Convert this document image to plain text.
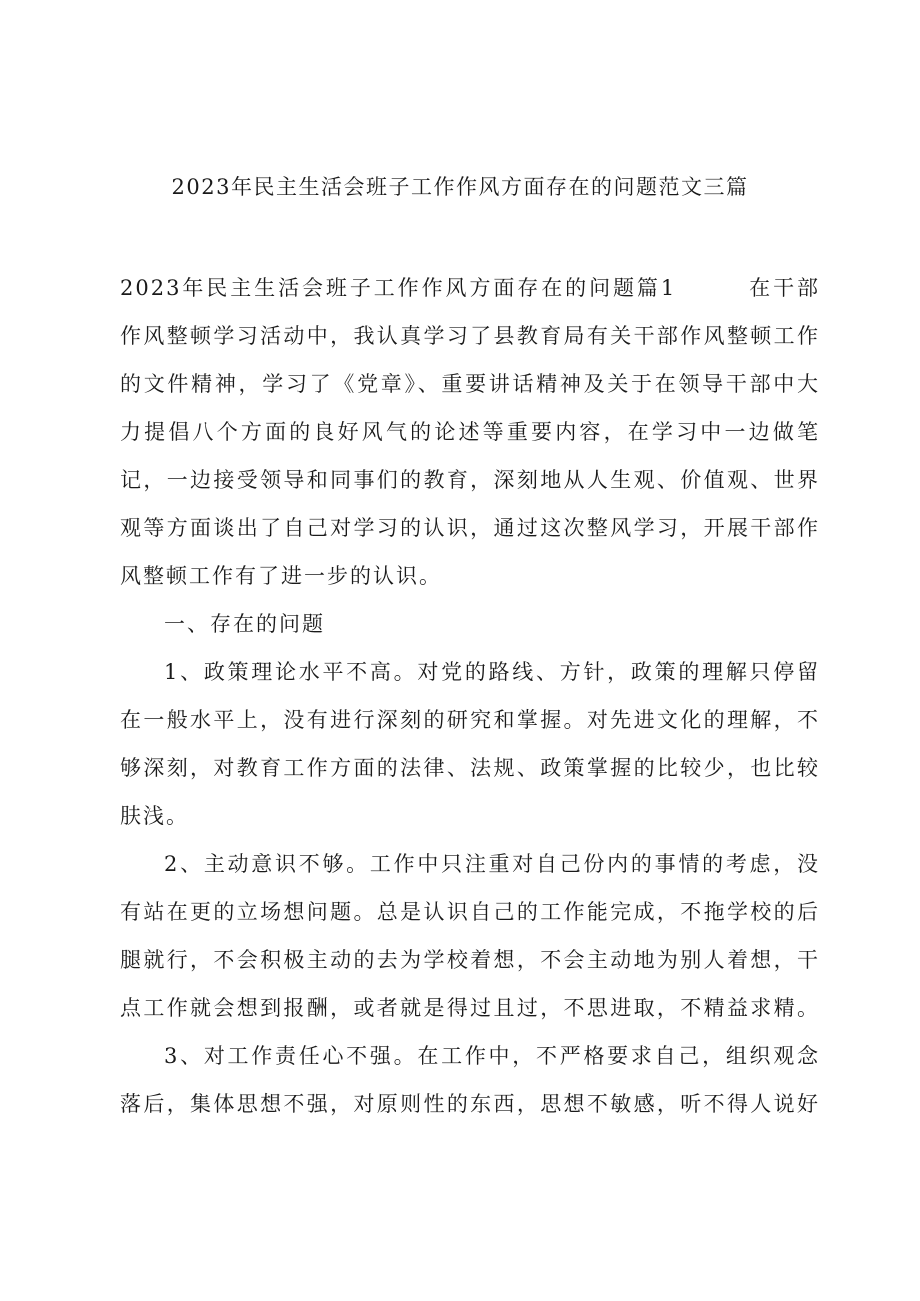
2023年民主生活会班子工作作风方面存在的问题范文三篇
2023年民主生活会班子工作作风方面存在的问题篇1	在干部
作风整顿学习活动中，我认真学习了县教育局有关干部作风整顿工作
的文件精神，学习了《党章》、重要讲话精神及关于在领导干部中大
力提倡八个方面的良好风气的论述等重要内容，在学习中一边做笔
记，一边接受领导和同事们的教育，深刻地从人生观、价值观、世界
观等方面谈出了自己对学习的认识，通过这次整风学习，开展干部作
风整顿工作有了进一步的认识。
一、存在的问题
1、政策理论水平不高。对党的路线、方针，政策的理解只停留
在一般水平上，没有进行深刻的研究和掌握。对先进文化的理解，不
够深刻，对教育工作方面的法律、法规、政策掌握的比较少，也比较
肤浅。
2、主动意识不够。工作中只注重对自己份内的事情的考虑，没
有站在更的立场想问题。总是认识自己的工作能完成，不拖学校的后
腿就行，不会积极主动的去为学校着想，不会主动地为别人着想，干
点工作就会想到报酬，或者就是得过且过，不思进取，不精益求精。
3、对工作责任心不强。在工作中，不严格要求自己，组织观念
落后，集体思想不强，对原则性的东西，思想不敏感，听不得人说好
